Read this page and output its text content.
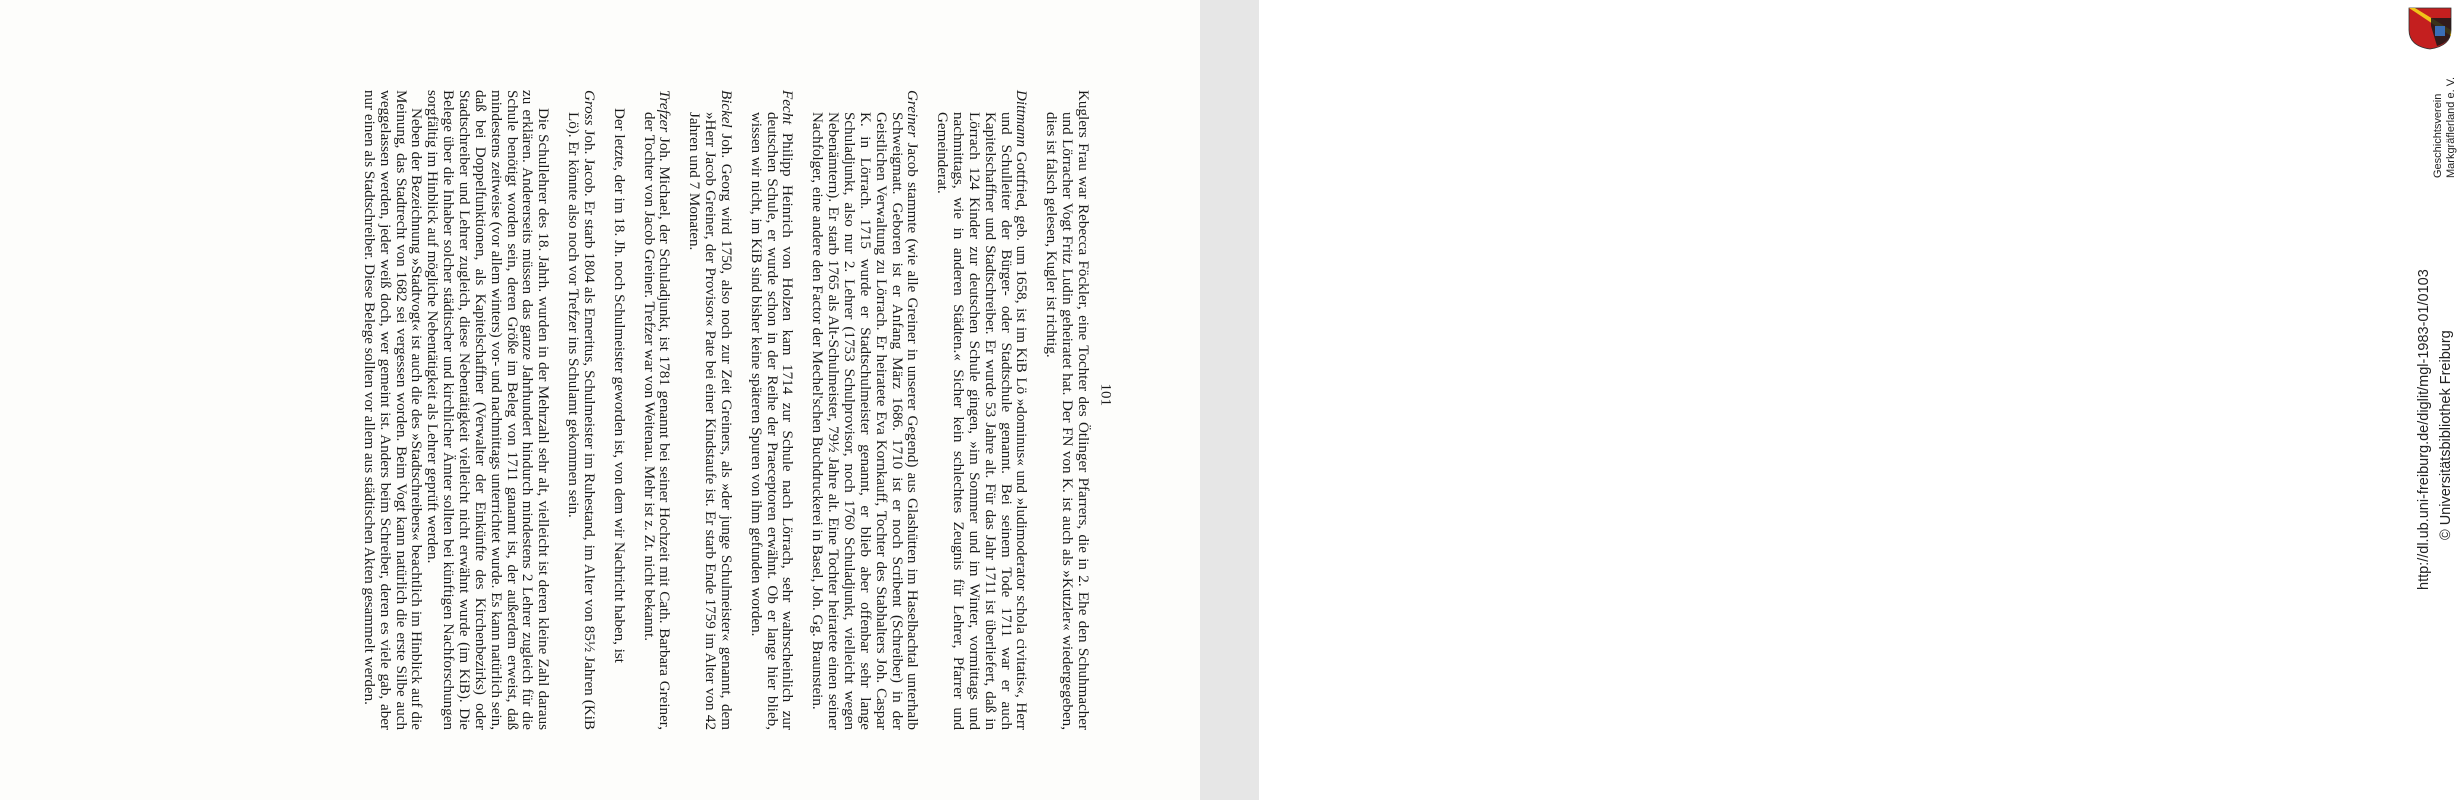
Kuglers Frau war Rebecca Föckler, eine Tochter des Ötlinger Pfarrers, die in 2. Ehe den Schuhmacher und Lörracher Vogt Fritz Ludin geheiratet hat. Der FN von K. ist auch als »Kutzler« wiedergegeben, dies ist falsch gelesen, Kugler ist richtig.

Dittmann Gottfried, geb. um 1658, ist im KiB Lö »dominus« und »ludimoderator schola civitatis«, Herr und Schulleiter der Bürger- oder Stadtschule genannt. Bei seinem Tode 1711 war er auch Kapitelschaffner und Stadtschreiber. Er wurde 53 Jahre alt. Für das Jahr 1711 ist überliefert, daß in Lörrach 124 Kinder zur deutschen Schule gingen, »im Sommer und im Winter, vormittags und nachmittags, wie in anderen Städten.« Sicher kein schlechtes Zeugnis für Lehrer, Pfarrer und Gemeinderat.

Greiner Jacob stammte (wie alle Greiner in unserer Gegend) aus Glashütten im Haselbachtal unterhalb Schweigmatt. Geboren ist er Anfang März 1686. 1710 ist er noch Scribent (Schreiber) in der Geistlichen Verwaltung zu Lörrach. Er heiratete Eva Kornkauff, Tochter des Stabhalters Joh. Caspar K. in Lörrach. 1715 wurde er Stadtschulmeister genannt, er blieb aber offenbar sehr lange Schuladjunkt, also nur 2. Lehrer (1753 Schulprovisor, noch 1760 Schuladjunkt, vielleicht wegen Nebenämtern). Er starb 1765 als Alt-Schulmeister, 79½ Jahre alt. Eine Tochter heiratete einen seiner Nachfolger, eine andere den Factor der Mechel'schen Buchdruckerei in Basel, Joh. Gg. Braunstein.

Fecht Philipp Heinrich von Holzen kam 1714 zur Schule nach Lörrach, sehr wahrscheinlich zur deutschen Schule, er wurde schon in der Reihe der Praeceptoren erwähnt. Ob er lange hier blieb, wissen wir nicht, im KiB sind bisher keine späteren Spuren von ihm gefunden worden.

Bickel Joh. Georg wird 1750, also noch zur Zeit Greiners, als »der junge Schulmeister« genannt, dem »Herr Jacob Greiner, der Provisor« Pate bei einer Kindstaufe ist. Er starb Ende 1759 im Alter von 42 Jahren und 7 Monaten.

Trefzer Joh. Michael, der Schuladjunkt, ist 1781 genannt bei seiner Hochzeit mit Cath. Barbara Greiner, der Tochter von Jacob Greiner. Trefzer war von Weitenau. Mehr ist z. Zt. nicht bekannt.

Der letzte, der im 18. Jh. noch Schulmeister geworden ist, von dem wir Nachricht haben, ist

Gross Joh. Jacob. Er starb 1804 als Emeritus, Schulmeister im Ruhestand, im Alter von 85½ Jahren (KiB Lö). Er könnte also noch vor Trefzer ins Schulamt gekommen sein.

Die Schullehrer des 18. Jahrh. wurden in der Mehrzahl sehr alt, vielleicht ist deren kleine Zahl daraus zu erklären. Andererseits müssen das ganze Jahrhundert hindurch mindestens 2 Lehrer zugleich für die Schule benötigt worden sein, deren Größe im Beleg von 1711 ganannt ist, der außerdem erweist, daß mindestens zeitweise (vor allem winters) vor- und nachmittags unterrichtet wurde. Es kann natürlich sein, daß bei Doppelfunktionen, als Kapitelschaffner (Verwalter der Einkünfte des Kirchenbezirks) oder Stadtschreiber und Lehrer zugleich, diese Nebentätigkeit vielleicht nicht erwähnt wurde (im KiB). Die Belege über die Inhaber solcher städtischer und kirchlicher Ämter sollten bei künftigen Nachforschungen sorgfältig im Hinblick auf mögliche Nebentätigkeit als Lehrer geprüft werden.

Neben der Bezeichnung »Stadtvogt« ist auch die des »Stadtschreibers« beachtlich im Hinblick auf die Meinung, das Stadtrecht von 1682 sei vergessen worden. Beim Vogt kann natürlich die erste Silbe auch weggelassen werden, jeder weiß doch, wer gemeint ist. Anders beim Schreiber, deren es viele gab, aber nur einen als Stadtschreiber. Diese Belege sollten vor allem aus städtischen Akten gesammelt werden.	101	http://dl.ub.uni-freiburg.de/diglit/mgl-1983-01/0103 © Universitätsbibliothek Freiburg
Geschichtsverein Markgräflerland e. V.
